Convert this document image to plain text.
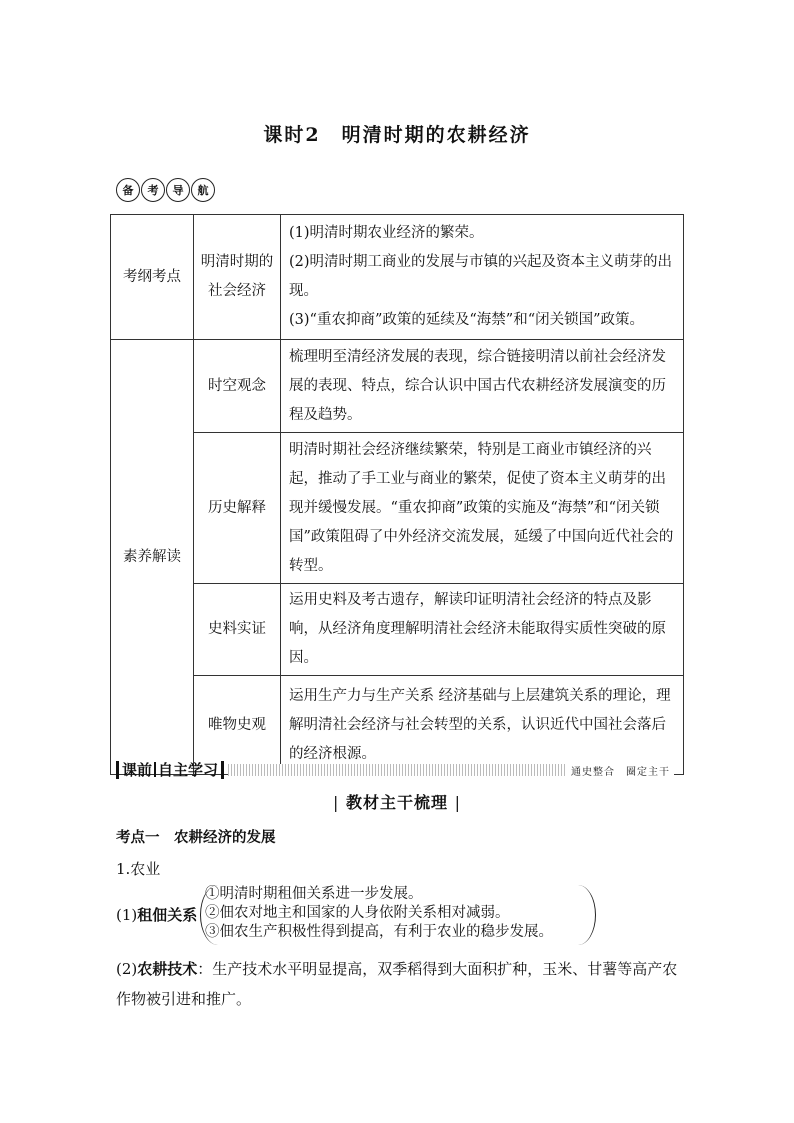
课时2　明清时期的农耕经济
备	考	导	航
考纲考点	明清时期的社会经济	(1)明清时期农业经济的繁荣。

(2)明清时期工商业的发展与市镇的兴起及资本主义萌芽的出现。

(3)“重农抑商”政策的延续及“海禁”和“闭关锁国”政策。

素养解读	时空观念	梳理明至清经济发展的表现，综合链接明清以前社会经济发展的表现、特点，综合认识中国古代农耕经济发展演变的历程及趋势。
	历史解释	明清时期社会经济继续繁荣，特别是工商业市镇经济的兴起，推动了手工业与商业的繁荣，促使了资本主义萌芽的出现并缓慢发展。“重农抑商”政策的实施及“海禁”和“闭关锁国”政策阻碍了中外经济交流发展，延缓了中国向近代社会的转型。
	史料实证	运用史料及考古遗存，解读印证明清社会经济的特点及影响，从经济角度理解明清社会经济未能取得实质性突破的原因。
	唯物史观	运用生产力与生产关系 经济基础与上层建筑关系的理论，理解明清社会经济与社会转型的关系，认识近代中国社会落后的经济根源。
课前 自主学习	通史整合　圈定主干
| 教材主干梳理 |
考点一　农耕经济的发展
1.农业
(1)租佃关系

①明清时期租佃关系进一步发展。

②佃农对地主和国家的人身依附关系相对减弱。

③佃农生产积极性得到提高，有利于农业的稳步发展。

(2)农耕技术：生产技术水平明显提高，双季稻得到大面积扩种，玉米、甘薯等高产农作物被引进和推广。
